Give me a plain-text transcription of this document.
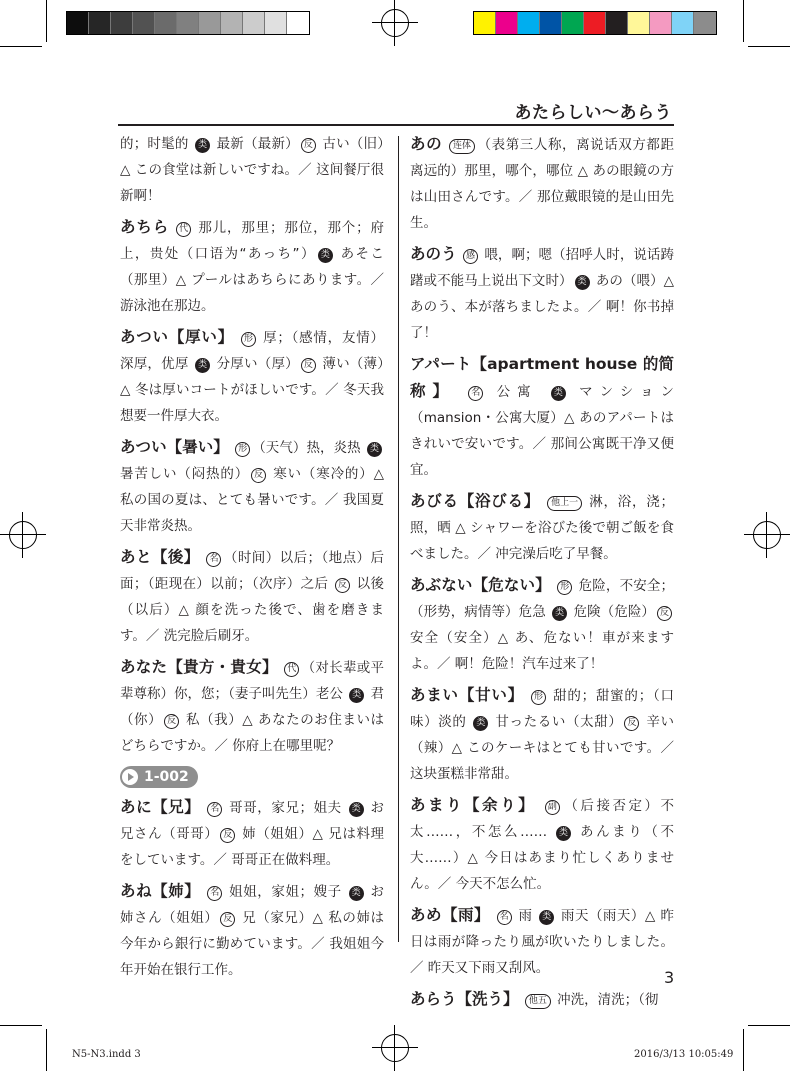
あたらしい～あらう

的；时髦的 类 最新（最新） 反 古い（旧）△ この食堂は新しいですね。／ 这间餐厅很新啊！

あちら 代 那儿，那里；那位，那个；府上，贵处（口语为“あっち”） 类 あそこ（那里）△ プールはあちらにあります。／ 游泳池在那边。

あつい【厚い】 形 厚；（感情，友情）深厚，优厚 类 分厚い（厚） 反 薄い（薄）△ 冬は厚いコートがほしいです。／ 冬天我想要一件厚大衣。

あつい【暑い】 形 （天气）热，炎热 类 暑苦しい（闷热的） 反 寒い（寒冷的）△ 私の国の夏は、とても暑いです。／ 我国夏天非常炎热。

あと【後】 名 （时间）以后；（地点）后面；（距现在）以前；（次序）之后 反 以後（以后）△ 顔を洗った後で、歯を磨きます。／ 洗完脸后刷牙。

あなた【貴方・貴女】 代 （对长辈或平辈尊称）你，您；（妻子叫先生）老公 类 君（你） 反 私（我）△ あなたのお住まいはどちらですか。／ 你府上在哪里呢？

1-002

あに【兄】 名 哥哥，家兄；姐夫 类 お兄さん（哥哥） 反 姉（姐姐）△ 兄は料理をしています。／ 哥哥正在做料理。

あね【姉】 名 姐姐，家姐；嫂子 类 お姉さん（姐姐） 反 兄（家兄）△ 私の姉は今年から銀行に勤めています。／ 我姐姐今年开始在银行工作。

あの 连体 （表第三人称，离说话双方都距离远的）那里，哪个，哪位 △ あの眼鏡の方は山田さんです。／ 那位戴眼镜的是山田先生。

あのう 感 喂，啊；嗯（招呼人时，说话踌躇或不能马上说出下文时） 类 あの（喂）△ あのう、本が落ちましたよ。／ 啊！你书掉了！

アパート【apartment house 的简称】 名 公寓 类 マンション（mansion・公寓大厦）△ あのアパートはきれいで安いです。／ 那间公寓既干净又便宜。

あびる【浴びる】 他上一 淋，浴，浇；照，晒 △ シャワーを浴びた後で朝ご飯を食べました。／ 冲完澡后吃了早餐。

あぶない【危ない】 形 危险，不安全；（形势，病情等）危急 类 危険（危险） 反 安全（安全）△ あ、危ない！車が来ますよ。／ 啊！危险！汽车过来了！

あまい【甘い】 形 甜的；甜蜜的；（口味）淡的 类 甘ったるい（太甜） 反 辛い（辣）△ このケーキはとても甘いです。／ 这块蛋糕非常甜。

あまり【余り】 副 （后接否定）不太……，不怎么…… 类 あんまり（不大……）△ 今日はあまり忙しくありません。／ 今天不怎么忙。

あめ【雨】 名 雨 类 雨天（雨天）△ 昨日は雨が降ったり風が吹いたりしました。／ 昨天又下雨又刮风。

あらう【洗う】 他五 冲洗，清洗；（彻

3
N5-N3.indd 3	2016/3/13 10:05:49
